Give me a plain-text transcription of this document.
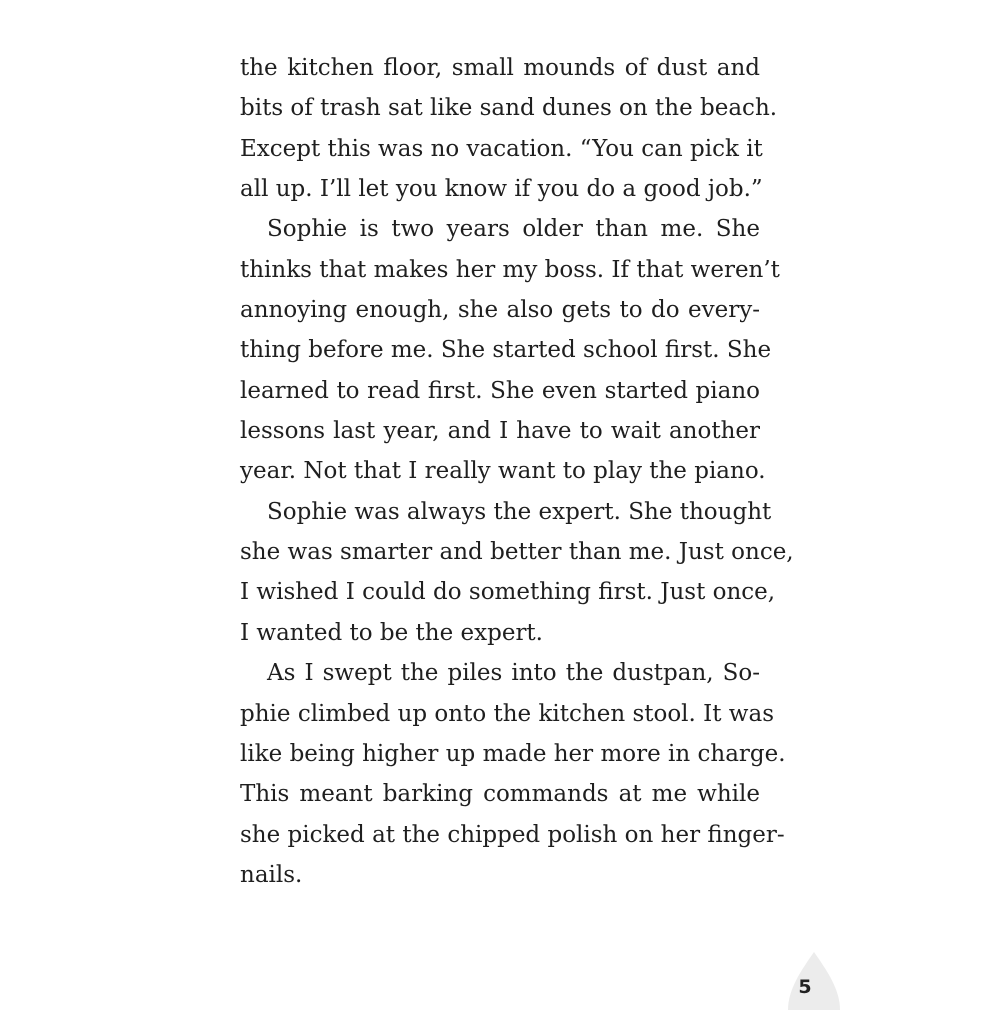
the kitchen floor, small mounds of dust and
bits of trash sat like sand dunes on the beach.
Except this was no vacation. “You can pick it
all up. I’ll let you know if you do a good job.”
Sophie is two years older than me. She
thinks that makes her my boss. If that weren’t
annoying enough, she also gets to do every-
thing before me. She started school first. She
learned to read first. She even started piano
lessons last year, and I have to wait another
year. Not that I really want to play the piano.
Sophie was always the expert. She thought
she was smarter and better than me. Just once,
I wished I could do something first. Just once,
I wanted to be the expert.
As I swept the piles into the dustpan, So-
phie climbed up onto the kitchen stool. It was
like being higher up made her more in charge.
This meant barking commands at me while
she picked at the chipped polish on her finger-
nails.
5
